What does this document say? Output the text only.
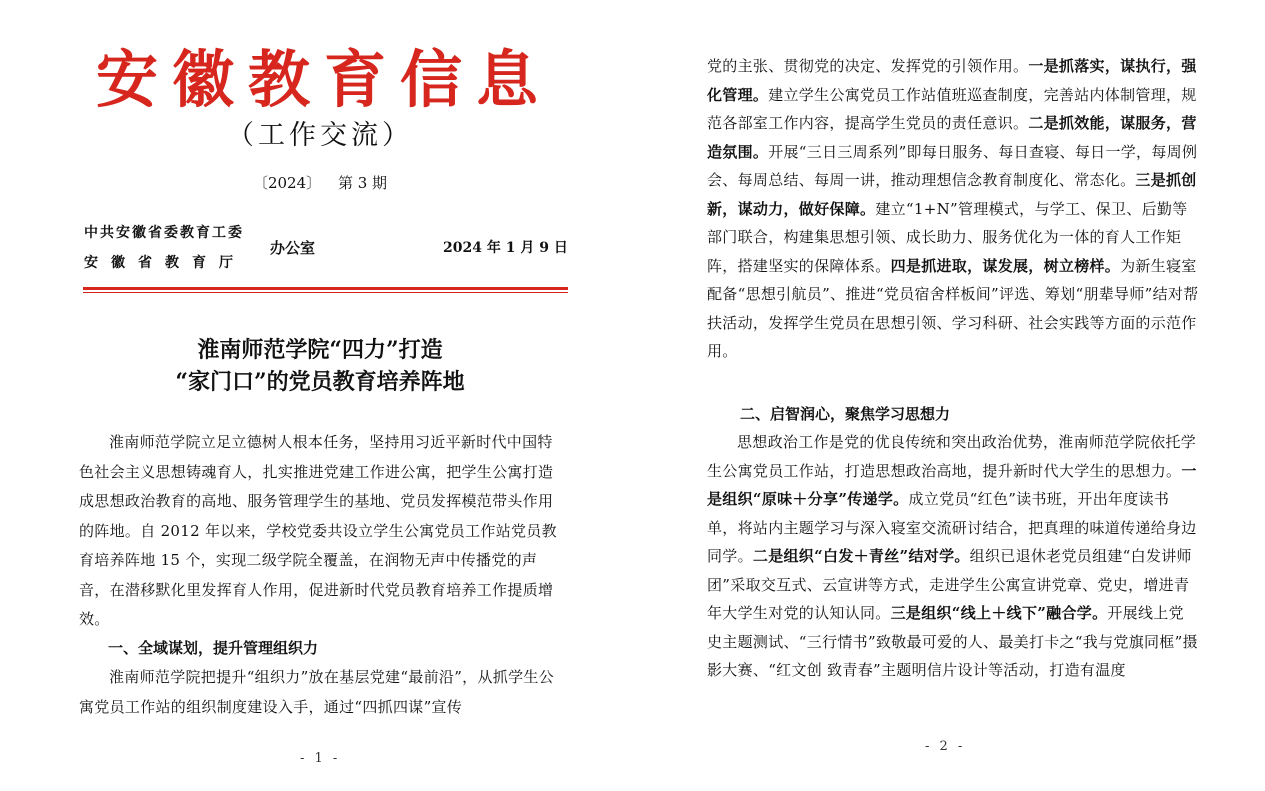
安徽教育信息
（工作交流）
〔2024〕 第 3 期
中共安徽省委教育工委
安徽省教育厅
办公室	2024 年 1 月 9 日
淮南师范学院“四力”打造
“家门口”的党员教育培养阵地

淮南师范学院立足立德树人根本任务，坚持用习近平新时代中国特色社会主义思想铸魂育人，扎实推进党建工作进公寓，把学生公寓打造成思想政治教育的高地、服务管理学生的基地、党员发挥模范带头作用的阵地。自 2012 年以来，学校党委共设立学生公寓党员工作站党员教育培养阵地 15 个，实现二级学院全覆盖，在润物无声中传播党的声音，在潜移默化里发挥育人作用，促进新时代党员教育培养工作提质增效。

一、全域谋划，提升管理组织力

淮南师范学院把提升“组织力”放在基层党建“最前沿”，从抓学生公寓党员工作站的组织制度建设入手，通过“四抓四谋”宣传

- 1 -

党的主张、贯彻党的决定、发挥党的引领作用。一是抓落实，谋执行，强化管理。建立学生公寓党员工作站值班巡查制度，完善站内体制管理，规范各部室工作内容，提高学生党员的责任意识。二是抓效能，谋服务，营造氛围。开展“三日三周系列”即每日服务、每日查寝、每日一学，每周例会、每周总结、每周一讲，推动理想信念教育制度化、常态化。三是抓创新，谋动力，做好保障。建立“1+N”管理模式，与学工、保卫、后勤等部门联合，构建集思想引领、成长助力、服务优化为一体的育人工作矩阵，搭建坚实的保障体系。四是抓进取，谋发展，树立榜样。为新生寝室配备“思想引航员”、推进“党员宿舍样板间”评选、筹划“朋辈导师”结对帮扶活动，发挥学生党员在思想引领、学习科研、社会实践等方面的示范作用。

二、启智润心，聚焦学习思想力

思想政治工作是党的优良传统和突出政治优势，淮南师范学院依托学生公寓党员工作站，打造思想政治高地，提升新时代大学生的思想力。一是组织“原味＋分享”传递学。成立党员“红色”读书班，开出年度读书单，将站内主题学习与深入寝室交流研讨结合，把真理的味道传递给身边同学。二是组织“白发＋青丝”结对学。组织已退休老党员组建“白发讲师团”采取交互式、云宣讲等方式，走进学生公寓宣讲党章、党史，增进青年大学生对党的认知认同。三是组织“线上＋线下”融合学。开展线上党史主题测试、“三行情书”致敬最可爱的人、最美打卡之“我与党旗同框”摄影大赛、“红文创 致青春”主题明信片设计等活动，打造有温度

- 2 -
